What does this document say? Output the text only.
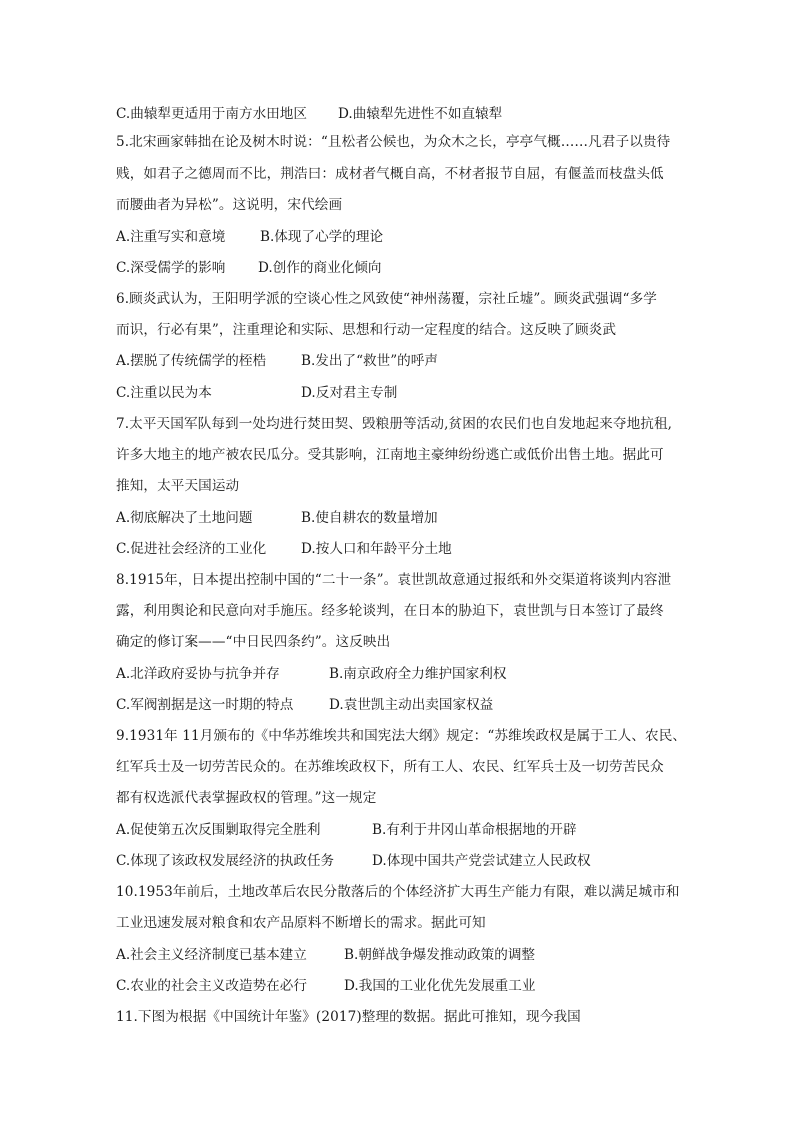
C.曲辕犁更适用于南方水田地区 D.曲辕犁先进性不如直辕犁
5.北宋画家韩拙在论及树木时说：“且松者公候也，为众木之长，亭亭气概……凡君子以贵待
贱，如君子之德周而不比，荆浩曰：成材者气概自高，不材者报节自屈，有偃盖而枝盘头低
而腰曲者为异松”。这说明，宋代绘画
A.注重写实和意境	B.体现了心学的理论
C.深受儒学的影响 D.创作的商业化倾向
6.顾炎武认为，王阳明学派的空谈心性之风致使“神州荡覆，宗社丘墟”。顾炎武强调“多学
而识，行必有果”，注重理论和实际、思想和行动一定程度的结合。这反映了顾炎武
A.摆脱了传统儒学的桎梏	B.发出了“救世”的呼声
C.注重以民为本	D.反对君主专制
7.太平天国军队每到一处均进行焚田契、毁粮册等活动,贫困的农民们也自发地起来夺地抗租,
许多大地主的地产被农民瓜分。受其影响，江南地主豪绅纷纷逃亡或低价出售土地。据此可
推知，太平天国运动
A.彻底解决了土地问题	B.使自耕农的数量增加
C.促进社会经济的工业化	D.按人口和年龄平分土地
8.1915年，日本提出控制中国的“二十一条”。袁世凯故意通过报纸和外交渠道将谈判内容泄
露，利用舆论和民意向对手施压。经多轮谈判，在日本的胁迫下，袁世凯与日本签订了最终
确定的修订案——“中日民四条约”。这反映出
A.北洋政府妥协与抗争并存	B.南京政府全力维护国家利权
C.军阀割据是这一时期的特点	D.袁世凯主动出卖国家权益
9.1931年 11月颁布的《中华苏维埃共和国宪法大纲》规定：“苏维埃政权是属于工人、农民、
红军兵士及一切劳苦民众的。在苏维埃政权下，所有工人、农民、红军兵士及一切劳苦民众
都有权选派代表掌握政权的管理。”这一规定
A.促使第五次反围剿取得完全胜利	B.有利于井冈山革命根据地的开辟
C.体现了该政权发展经济的执政任务	D.体现中国共产党尝试建立人民政权
10.1953年前后，土地改革后农民分散落后的个体经济扩大再生产能力有限，难以满足城市和
工业迅速发展对粮食和农产品原料不断增长的需求。据此可知
A.社会主义经济制度已基本建立	B.朝鲜战争爆发推动政策的调整
C.农业的社会主义改造势在必行	D.我国的工业化优先发展重工业
11.下图为根据《中国统计年鉴》(2017)整理的数据。据此可推知，现今我国
